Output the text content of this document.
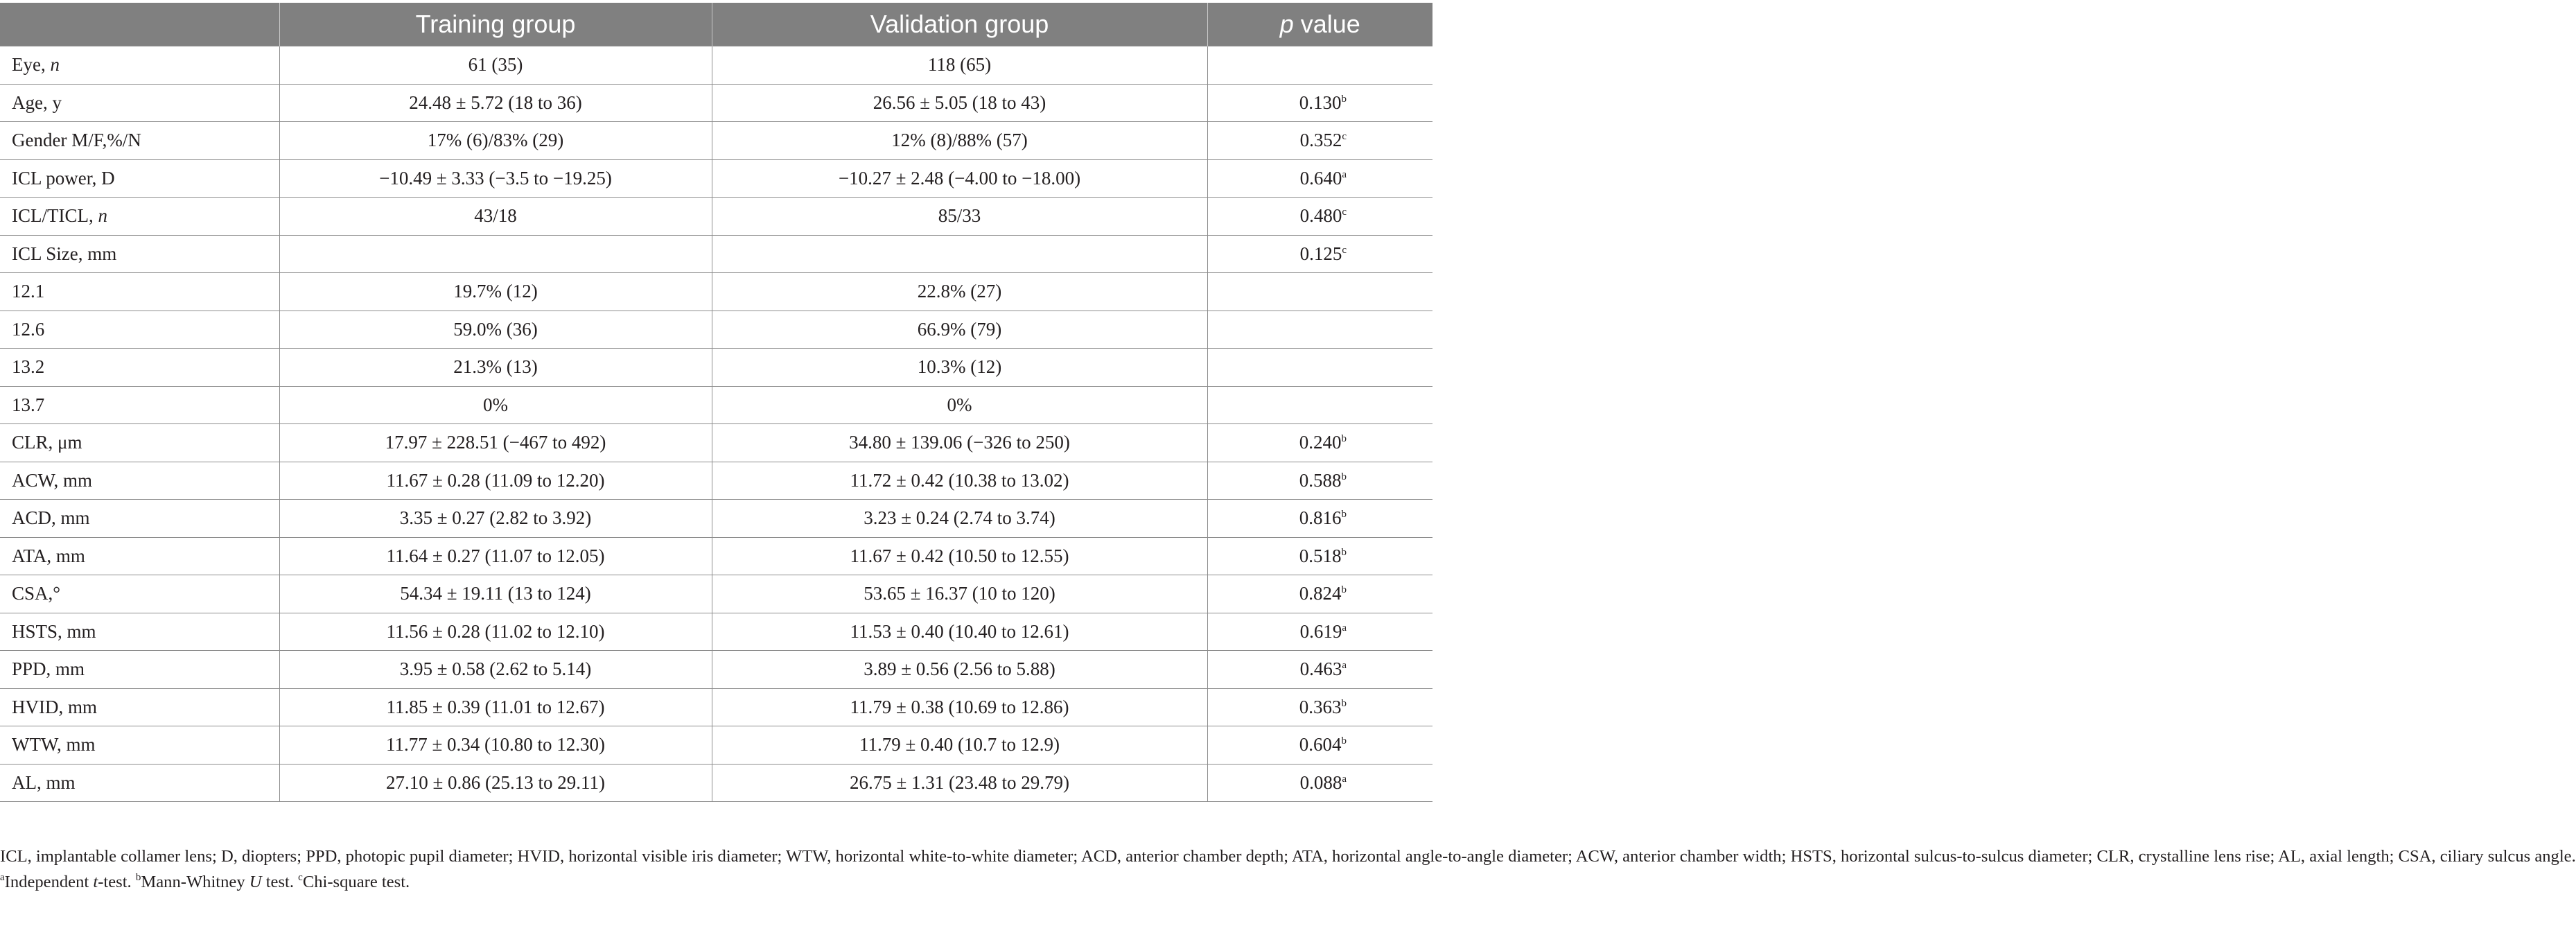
	Training group	Validation group	p value
Eye, n	61 (35)	118 (65)	
Age, y	24.48 ± 5.72 (18 to 36)	26.56 ± 5.05 (18 to 43)	0.130$^b$
Gender M/F,%/N	17% (6)/83% (29)	12% (8)/88% (57)	0.352$^c$
ICL power, D	−10.49 ± 3.33 (−3.5 to −19.25)	−10.27 ± 2.48 (−4.00 to −18.00)	0.640$^a$
ICL/TICL, n	43/18	85/33	0.480$^c$
ICL Size, mm			0.125$^c$
12.1	19.7% (12)	22.8% (27)	
12.6	59.0% (36)	66.9% (79)	
13.2	21.3% (13)	10.3% (12)	
13.7	0%	0%	
CLR, μm	17.97 ± 228.51 (−467 to 492)	34.80 ± 139.06 (−326 to 250)	0.240$^b$
ACW, mm	11.67 ± 0.28 (11.09 to 12.20)	11.72 ± 0.42 (10.38 to 13.02)	0.588$^b$
ACD, mm	3.35 ± 0.27 (2.82 to 3.92)	3.23 ± 0.24 (2.74 to 3.74)	0.816$^b$
ATA, mm	11.64 ± 0.27 (11.07 to 12.05)	11.67 ± 0.42 (10.50 to 12.55)	0.518$^b$
CSA,°	54.34 ± 19.11 (13 to 124)	53.65 ± 16.37 (10 to 120)	0.824$^b$
HSTS, mm	11.56 ± 0.28 (11.02 to 12.10)	11.53 ± 0.40 (10.40 to 12.61)	0.619$^a$
PPD, mm	3.95 ± 0.58 (2.62 to 5.14)	3.89 ± 0.56 (2.56 to 5.88)	0.463$^a$
HVID, mm	11.85 ± 0.39 (11.01 to 12.67)	11.79 ± 0.38 (10.69 to 12.86)	0.363$^b$
WTW, mm	11.77 ± 0.34 (10.80 to 12.30)	11.79 ± 0.40 (10.7 to 12.9)	0.604$^b$
AL, mm	27.10 ± 0.86 (25.13 to 29.11)	26.75 ± 1.31 (23.48 to 29.79)	0.088$^a$

ICL, implantable collamer lens; D, diopters; PPD, photopic pupil diameter; HVID, horizontal visible iris diameter; WTW, horizontal white-to-white diameter; ACD, anterior chamber depth; ATA, horizontal angle-to-angle diameter; ACW, anterior chamber width; HSTS, horizontal sulcus-to-sulcus diameter; CLR, crystalline lens rise; AL, axial length; CSA, ciliary sulcus angle.

$^a$Independent t-test. $^b$Mann-Whitney U test. $^c$Chi-square test.
